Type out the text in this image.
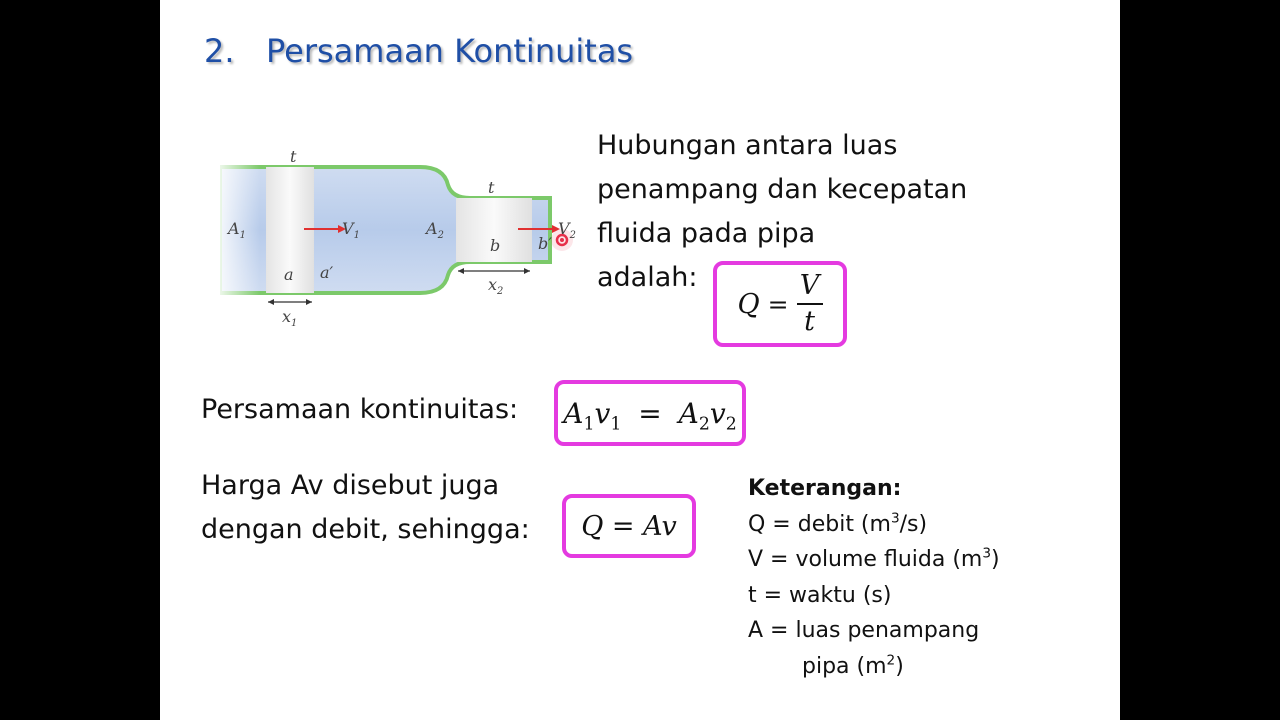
2. Persamaan Kontinuitas
t
t
$A_1$	$V_1$	$A_2$	$V_2$
a a′
b b′
$x_1$
$x_2$
Hubungan antara luas
penampang dan kecepatan
fluida pada pipa
adalah:
$Q = \frac{V}{t}$
Persamaan kontinuitas: $A_1v_1 = A_2v_2$
Harga Av disebut juga
dengan debit, sehingga: Q = Av
Keterangan:
Q = debit $(m^3/s)$
V = volume fluida $(m^3)$
t = waktu (s)
A = luas penampang
pipa $(m^2)$
